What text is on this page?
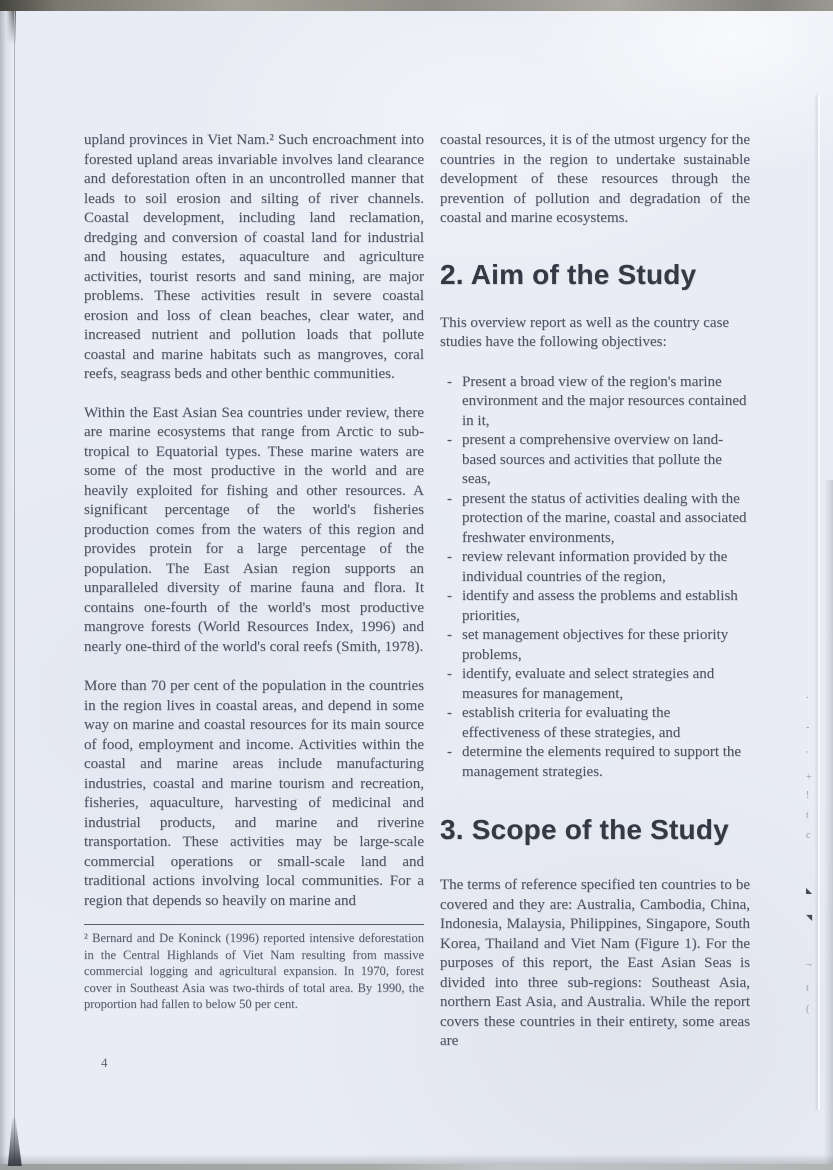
upland provinces in Viet Nam.² Such encroachment into forested upland areas invariable involves land clearance and deforestation often in an uncontrolled manner that leads to soil erosion and silting of river channels. Coastal development, including land reclamation, dredging and conversion of coastal land for industrial and housing estates, aquaculture and agriculture activities, tourist resorts and sand mining, are major problems. These activities result in severe coastal erosion and loss of clean beaches, clear water, and increased nutrient and pollution loads that pollute coastal and marine habitats such as mangroves, coral reefs, seagrass beds and other benthic communities.

Within the East Asian Sea countries under review, there are marine ecosystems that range from Arctic to sub-tropical to Equatorial types. These marine waters are some of the most productive in the world and are heavily exploited for fishing and other resources. A significant percentage of the world's fisheries production comes from the waters of this region and provides protein for a large percentage of the population. The East Asian region supports an unparalleled diversity of marine fauna and flora. It contains one-fourth of the world's most productive mangrove forests (World Resources Index, 1996) and nearly one-third of the world's coral reefs (Smith, 1978).

More than 70 per cent of the population in the countries in the region lives in coastal areas, and depend in some way on marine and coastal resources for its main source of food, employment and income. Activities within the coastal and marine areas include manufacturing industries, coastal and marine tourism and recreation, fisheries, aquaculture, harvesting of medicinal and industrial products, and marine and riverine transportation. These activities may be large-scale commercial operations or small-scale land and traditional actions involving local communities. For a region that depends so heavily on marine and

² Bernard and De Koninck (1996) reported intensive deforestation in the Central Highlands of Viet Nam resulting from massive commercial logging and agricultural expansion. In 1970, forest cover in Southeast Asia was two-thirds of total area. By 1990, the proportion had fallen to below 50 per cent.

coastal resources, it is of the utmost urgency for the countries in the region to undertake sustainable development of these resources through the prevention of pollution and degradation of the coastal and marine ecosystems.

2. Aim of the Study

This overview report as well as the country case studies have the following objectives:

- Present a broad view of the region's marine environment and the major resources contained in it,
- present a comprehensive overview on land-based sources and activities that pollute the seas,
- present the status of activities dealing with the protection of the marine, coastal and associated freshwater environments,
- review relevant information provided by the individual countries of the region,
- identify and assess the problems and establish priorities,
- set management objectives for these priority problems,
- identify, evaluate and select strategies and measures for management,
- establish criteria for evaluating the effectiveness of these strategies, and
- determine the elements required to support the management strategies.
3. Scope of the Study

The terms of reference specified ten countries to be covered and they are: Australia, Cambodia, China, Indonesia, Malaysia, Philippines, Singapore, South Korea, Thailand and Viet Nam (Figure 1). For the purposes of this report, the East Asian Seas is divided into three sub-regions: Southeast Asia, northern East Asia, and Australia. While the report covers these countries in their entirety, some areas are

4
.
-
'
+
!
t
c
◣
◥
¬
t
(
